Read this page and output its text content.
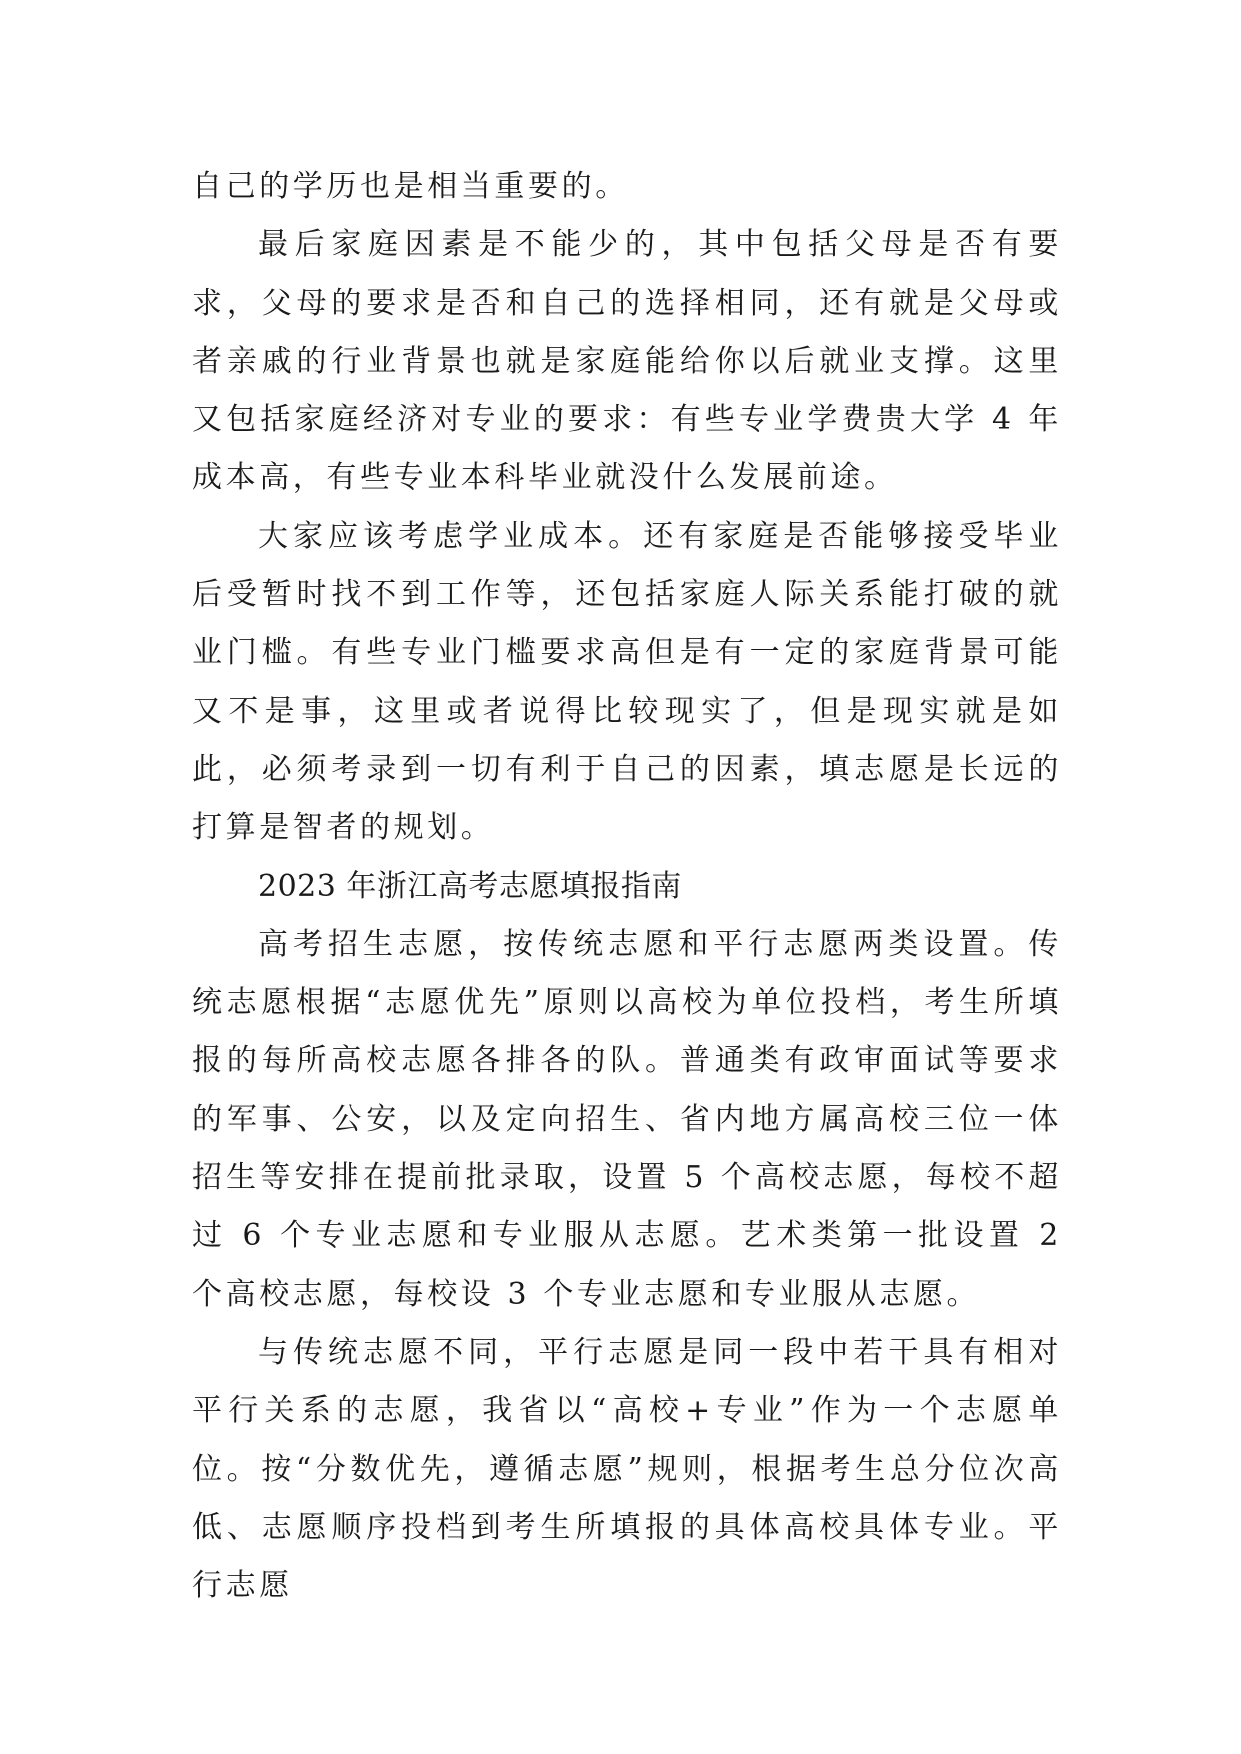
自己的学历也是相当重要的。

最后家庭因素是不能少的，其中包括父母是否有要求，父母的要求是否和自己的选择相同，还有就是父母或者亲戚的行业背景也就是家庭能给你以后就业支撑。这里又包括家庭经济对专业的要求：有些专业学费贵大学 4 年成本高，有些专业本科毕业就没什么发展前途。

大家应该考虑学业成本。还有家庭是否能够接受毕业后受暂时找不到工作等，还包括家庭人际关系能打破的就业门槛。有些专业门槛要求高但是有一定的家庭背景可能又不是事，这里或者说得比较现实了，但是现实就是如此，必须考录到一切有利于自己的因素，填志愿是长远的打算是智者的规划。

2023 年浙江高考志愿填报指南

高考招生志愿，按传统志愿和平行志愿两类设置。传统志愿根据“志愿优先”原则以高校为单位投档，考生所填报的每所高校志愿各排各的队。普通类有政审面试等要求的军事、公安，以及定向招生、省内地方属高校三位一体招生等安排在提前批录取，设置 5 个高校志愿，每校不超过 6 个专业志愿和专业服从志愿。艺术类第一批设置 2 个高校志愿，每校设 3 个专业志愿和专业服从志愿。

与传统志愿不同，平行志愿是同一段中若干具有相对平行关系的志愿，我省以“高校+专业”作为一个志愿单位。按“分数优先，遵循志愿”规则，根据考生总分位次高低、志愿顺序投档到考生所填报的具体高校具体专业。平行志愿
